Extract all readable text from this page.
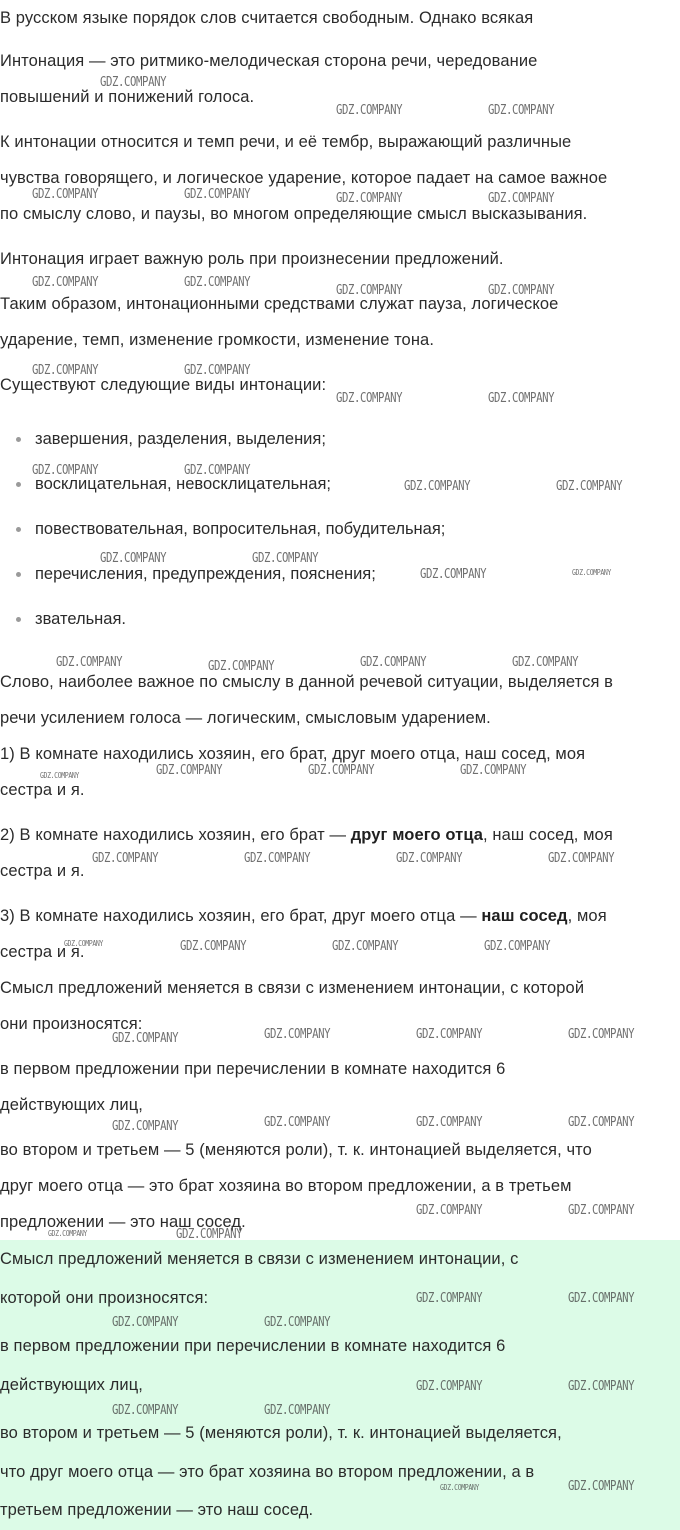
В русском языке порядок слов считается свободным. Однако всякая
Интонация — это ритмико-мелодическая сторона речи, чередование
повышений и понижений голоса.
К интонации относится и темп речи, и её тембр, выражающий различные
чувства говорящего, и логическое ударение, которое падает на самое важное
по смыслу слово, и паузы, во многом определяющие смысл высказывания.
Интонация играет важную роль при произнесении предложений.
Таким образом, интонационными средствами служат пауза, логическое
ударение, темп, изменение громкости, изменение тона.
Существуют следующие виды интонации:
завершения, разделения, выделения;
восклицательная, невосклицательная;
повествовательная, вопросительная, побудительная;
перечисления, предупреждения, пояснения;
звательная.
Слово, наиболее важное по смыслу в данной речевой ситуации, выделяется в
речи усилением голоса — логическим, смысловым ударением.
1) В комнате находились хозяин, его брат, друг моего отца, наш сосед, моя
сестра и я.
2) В комнате находились хозяин, его брат — друг моего отца, наш сосед, моя
сестра и я.
3) В комнате находились хозяин, его брат, друг моего отца — наш сосед, моя
сестра и я.
Смысл предложений меняется в связи с изменением интонации, с которой
они произносятся:
в первом предложении при перечислении в комнате находится 6
действующих лиц,
во втором и третьем — 5 (меняются роли), т. к. интонацией выделяется, что
друг моего отца — это брат хозяина во втором предложении, а в третьем
предложении — это наш сосед.
Смысл предложений меняется в связи с изменением интонации, с
которой они произносятся:
в первом предложении при перечислении в комнате находится 6
действующих лиц,
во втором и третьем — 5 (меняются роли), т. к. интонацией выделяется,
что друг моего отца — это брат хозяина во втором предложении, а в
третьем предложении — это наш сосед.
GDZ.COMPANY
GDZ.COMPANY	GDZ.COMPANY
GDZ.COMPANY	GDZ.COMPANY	GDZ.COMPANY	GDZ.COMPANY
GDZ.COMPANY	GDZ.COMPANY
GDZ.COMPANY	GDZ.COMPANY
GDZ.COMPANY	GDZ.COMPANY
GDZ.COMPANY	GDZ.COMPANY
GDZ.COMPANY	GDZ.COMPANY
GDZ.COMPANY	GDZ.COMPANY
GDZ.COMPANY	GDZ.COMPANY
GDZ.COMPANY	GDZ.COMPANY
GDZ.COMPANY	GDZ.COMPANY	GDZ.COMPANY	GDZ.COMPANY
GDZ.COMPANY	GDZ.COMPANY	GDZ.COMPANY	GDZ.COMPANY
GDZ.COMPANY	GDZ.COMPANY	GDZ.COMPANY	GDZ.COMPANY
GDZ.COMPANY	GDZ.COMPANY	GDZ.COMPANY	GDZ.COMPANY
GDZ.COMPANY	GDZ.COMPANY	GDZ.COMPANY	GDZ.COMPANY
GDZ.COMPANY	GDZ.COMPANY	GDZ.COMPANY	GDZ.COMPANY
GDZ.COMPANY	GDZ.COMPANY
GDZ.COMPANY	GDZ.COMPANY
GDZ.COMPANY	GDZ.COMPANY
GDZ.COMPANY	GDZ.COMPANY
GDZ.COMPANY	GDZ.COMPANY
GDZ.COMPANY	GDZ.COMPANY
GDZ.COMPANY	GDZ.COMPANY
